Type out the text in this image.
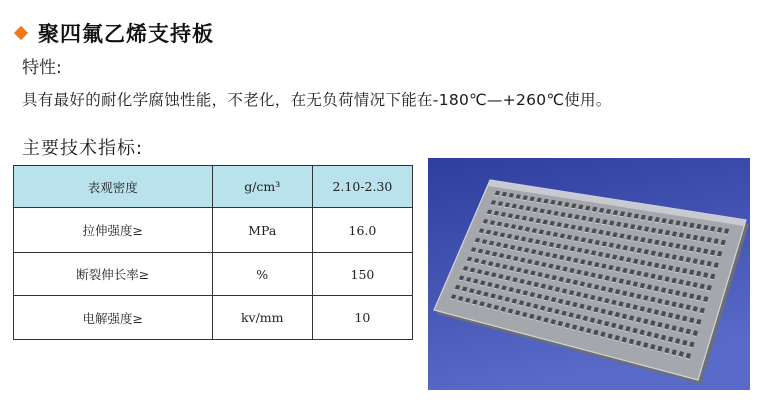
聚四氟乙烯支持板
特性:
具有最好的耐化学腐蚀性能，不老化，在无负荷情况下能在-180℃—+260℃使用。
主要技术指标:
表观密度	g/cm³	2.10-2.30
拉伸强度≥	MPa	16.0
断裂伸长率≥	%	150
电解强度≥	kv/mm	10
